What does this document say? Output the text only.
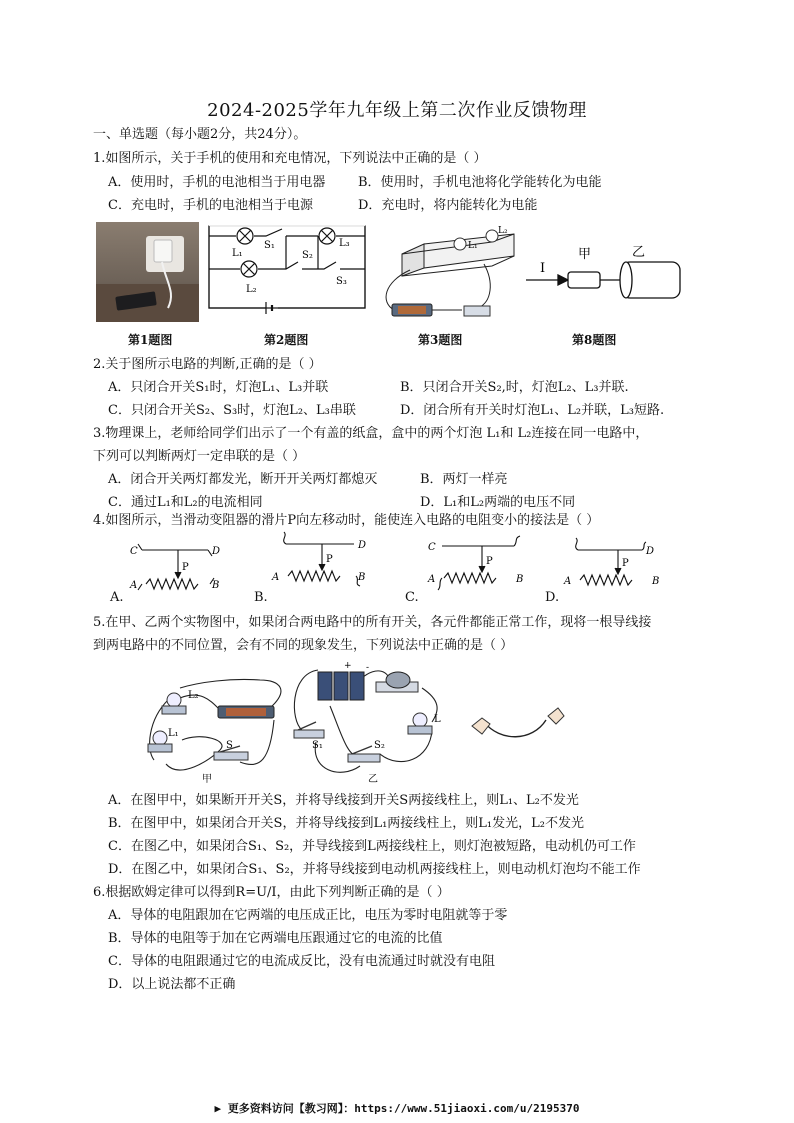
2024-2025学年九年级上第二次作业反馈物理
一、单选题（每小题2分，共24分）。
1.如图所示，关于手机的使用和充电情况，下列说法中正确的是（ ）
A．使用时，手机的电池相当于用电器	B．使用时，手机电池将化学能转化为电能
C．充电时，手机的电池相当于电源	D．充电时，将内能转化为电能
第1题图
L₁
S₁	L₃
S₂
L₂
S₃
第2题图
L₁
L₂
第3题图
I
甲	乙
第8题图
2.关于图所示电路的判断,正确的是（ ）
A．只闭合开关S₁时，灯泡L₁、L₃并联	B．只闭合开关S₂,时，灯泡L₂、L₃并联.
C．只闭合开关S₂、S₃时，灯泡L₂、L₃串联	D．闭合所有开关时灯泡L₁、L₂并联，L₃短路.
3.物理课上，老师给同学们出示了一个有盖的纸盒，盒中的两个灯泡 L₁和 L₂连接在同一电路中，
下列可以判断两灯一定串联的是（ ）
A．闭合开关两灯都发光，断开开关两灯都熄灭	B．两灯一样亮
C．通过L₁和L₂的电流相同	D．L₁和L₂两端的电压不同
4.如图所示，当滑动变阻器的滑片P向左移动时，能使连入电路的电阻变小的接法是（ ）
C	D
A	B
P
D
A	B
P
C
A	B
P
D
A	B
P
A.	B.	C.	D.
5.在甲、乙两个实物图中，如果闭合两电路中的所有开关，各元件都能正常工作，现将一根导线接
到两电路中的不同位置，会有不同的现象发生，下列说法中正确的是（ ）
L₂
L₁
S
甲
+ -
S₁	S₂
L
乙
A．在图甲中，如果断开开关S，并将导线接到开关S两接线柱上，则L₁、L₂不发光
B．在图甲中，如果闭合开关S，并将导线接到L₁两接线柱上，则L₁发光，L₂不发光
C．在图乙中，如果闭合S₁、S₂，并导线接到L两接线柱上，则灯泡被短路，电动机仍可工作
D．在图乙中，如果闭合S₁、S₂，并将导线接到电动机两接线柱上，则电动机灯泡均不能工作
6.根据欧姆定律可以得到R=U/I，由此下列判断正确的是（ ）
A．导体的电阻跟加在它两端的电压成正比，电压为零时电阻就等于零
B．导体的电阻等于加在它两端电压跟通过它的电流的比值
C．导体的电阻跟通过它的电流成反比，没有电流通过时就没有电阻
D．以上说法都不正确
▶ 更多资料访问【教习网】：https://www.51jiaoxi.com/u/2195370
